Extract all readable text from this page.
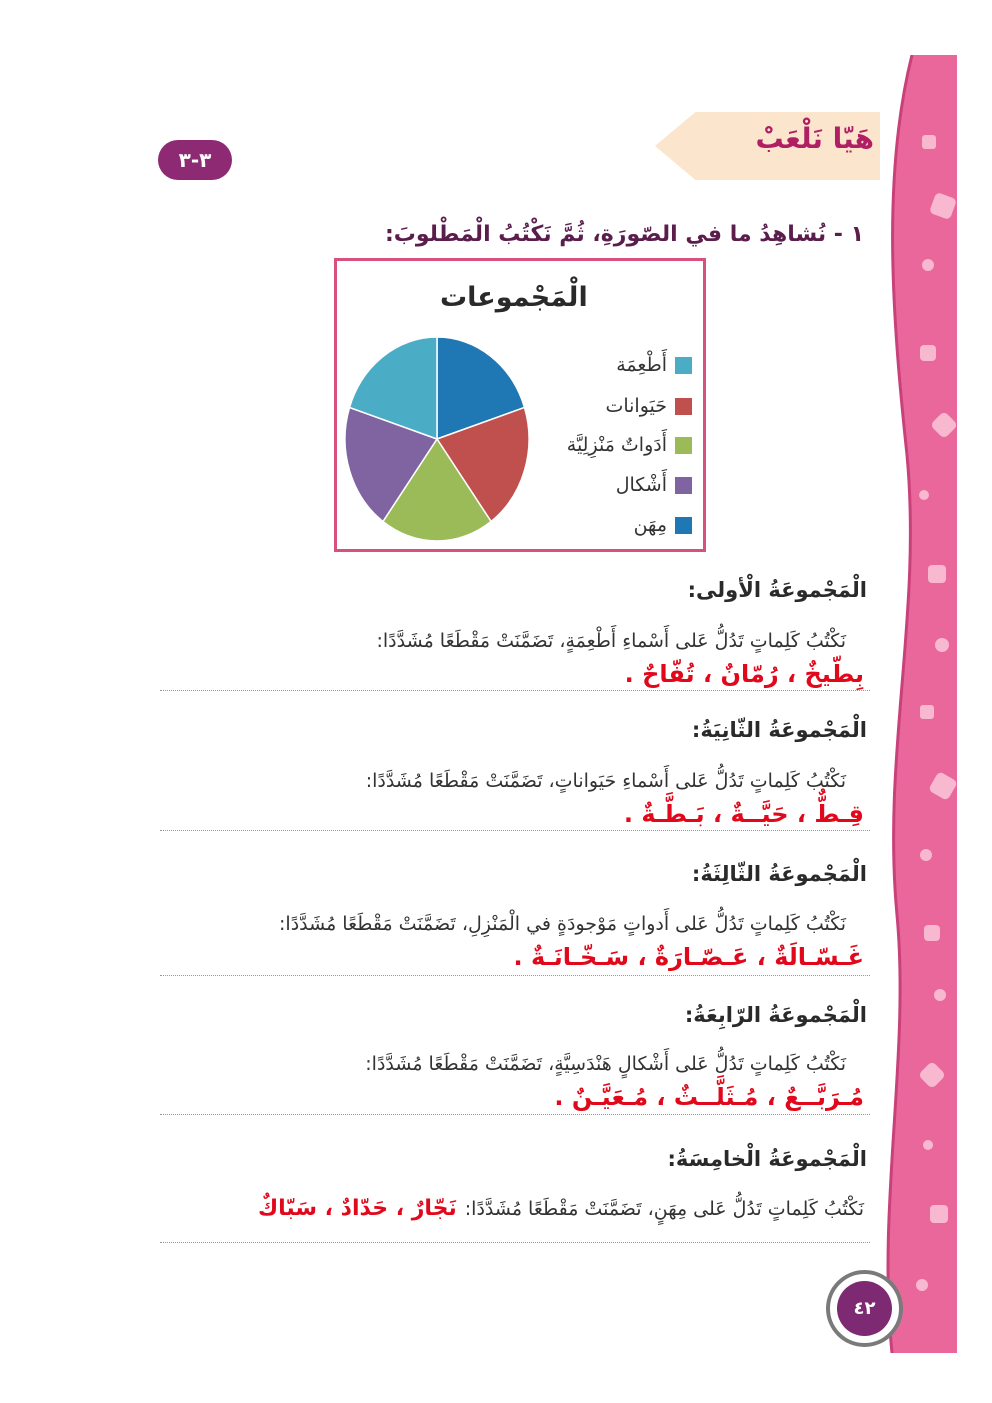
٣-٣
هَيّا نَلْعَبْ
١ - نُشاهِدُ ما في الصّورَةِ، ثُمَّ نَكْتُبُ الْمَطْلوبَ:
الْمَجْموعات
أَطْعِمَة
حَيَوانات
أَدَواتٌ مَنْزِلِيَّة
أَشْكال
مِهَن
الْمَجْموعَةُ الْأولى:
نَكْتُبُ كَلِماتٍ تَدُلُّ عَلى أَسْماءِ أَطْعِمَةٍ، تَضَمَّنَتْ مَقْطَعًا مُشَدَّدًا:
بِطّيخٌ ، رُمّانٌ ، تُفّاحٌ .
الْمَجْموعَةُ الثّانِيَةُ:
نَكْتُبُ كَلِماتٍ تَدُلُّ عَلى أَسْماءِ حَيَواناتٍ، تَضَمَّنَتْ مَقْطَعًا مُشَدَّدًا:
قِـطٌّ ، حَيَّــةٌ ، بَـطَّـةٌ .
الْمَجْموعَةُ الثّالِثَةُ:
نَكْتُبُ كَلِماتٍ تَدُلُّ عَلى أَدواتٍ مَوْجودَةٍ في الْمَنْزِلِ، تَضَمَّنَتْ مَقْطَعًا مُشَدَّدًا:
غَـسّـالَةٌ ، عَـصّـارَةٌ ، سَـخّـانَـةٌ .
الْمَجْموعَةُ الرّابِعَةُ:
نَكْتُبُ كَلِماتٍ تَدُلُّ عَلى أَشْكالٍ هَنْدَسِيَّةٍ، تَضَمَّنَتْ مَقْطَعًا مُشَدَّدًا:
مُـرَبَّــعٌ ، مُـثَلَّــثٌ ، مُـعَيَّـنٌ .
الْمَجْموعَةُ الْخامِسَةُ:
نَكْتُبُ كَلِماتٍ تَدُلُّ عَلى مِهَنٍ، تَضَمَّنَتْ مَقْطَعًا مُشَدَّدًا:
نَجّارٌ ، حَدّادٌ ، سَبّاكٌ
٤٢
